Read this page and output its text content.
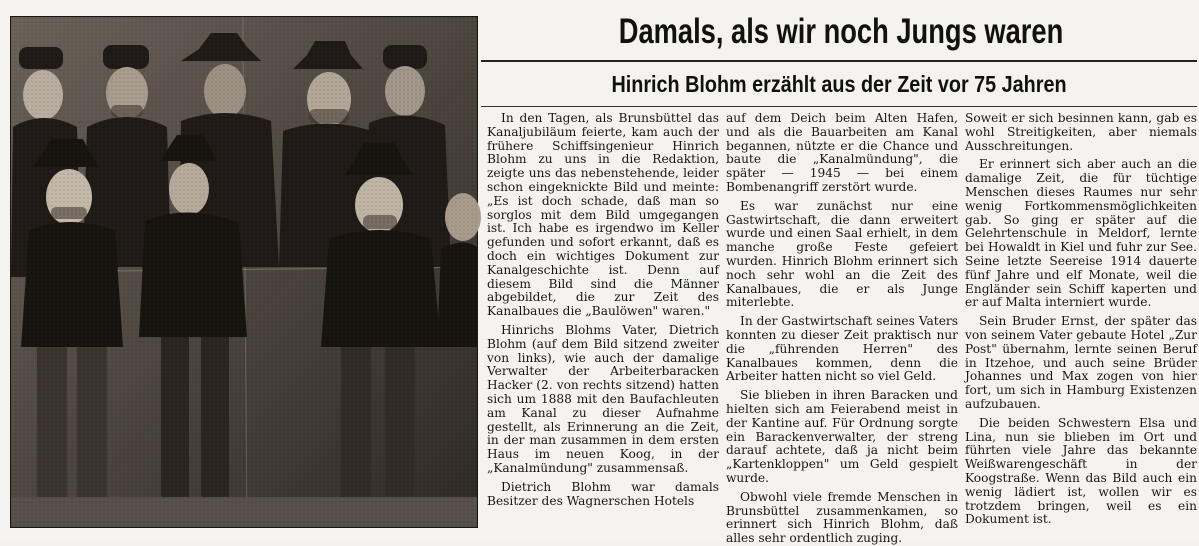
Damals, als wir noch Jungs waren
Hinrich Blohm erzählt aus der Zeit vor 75 Jahren

In den Tagen, als Brunsbüttel das Kanaljubiläum feierte, kam auch der frühere Schiffsingenieur Hinrich Blohm zu uns in die Redaktion, zeigte uns das nebenstehende, leider schon eingeknickte Bild und meinte: „Es ist doch schade, daß man so sorglos mit dem Bild umgegangen ist. Ich habe es irgendwo im Keller gefunden und sofort erkannt, daß es doch ein wichtiges Dokument zur Kanalgeschichte ist. Denn auf diesem Bild sind die Männer abgebildet, die zur Zeit des Kanalbaues die „Baulöwen" waren."

Hinrichs Blohms Vater, Dietrich Blohm (auf dem Bild sitzend zweiter von links), wie auch der damalige Verwalter der Arbeiterbaracken Hacker (2. von rechts sitzend) hatten sich um 1888 mit den Baufachleuten am Kanal zu dieser Aufnahme gestellt, als Erinnerung an die Zeit, in der man zusammen in dem ersten Haus im neuen Koog, in der „Kanalmündung" zusammensaß.

Dietrich Blohm war damals Besitzer des Wagnerschen Hotels

auf dem Deich beim Alten Hafen, und als die Bauarbeiten am Kanal begannen, nützte er die Chance und baute die „Kanalmündung", die später — 1945 — bei einem Bombenangriff zerstört wurde.

Es war zunächst nur eine Gastwirtschaft, die dann erweitert wurde und einen Saal erhielt, in dem manche große Feste gefeiert wurden. Hinrich Blohm erinnert sich noch sehr wohl an die Zeit des Kanalbaues, die er als Junge miterlebte.

In der Gastwirtschaft seines Vaters konnten zu dieser Zeit praktisch nur die „führenden Herren" des Kanalbaues kommen, denn die Arbeiter hatten nicht so viel Geld.

Sie blieben in ihren Baracken und hielten sich am Feierabend meist in der Kantine auf. Für Ordnung sorgte ein Barackenverwalter, der streng darauf achtete, daß ja nicht beim „Kartenkloppen" um Geld gespielt wurde.

Obwohl viele fremde Menschen in Brunsbüttel zusammenkamen, so erinnert sich Hinrich Blohm, daß alles sehr ordentlich zuging.

Soweit er sich besinnen kann, gab es wohl Streitigkeiten, aber niemals Ausschreitungen.

Er erinnert sich aber auch an die damalige Zeit, die für tüchtige Menschen dieses Raumes nur sehr wenig Fortkommensmöglichkeiten gab. So ging er später auf die Gelehrtenschule in Meldorf, lernte bei Howaldt in Kiel und fuhr zur See. Seine letzte Seereise 1914 dauerte fünf Jahre und elf Monate, weil die Engländer sein Schiff kaperten und er auf Malta interniert wurde.

Sein Bruder Ernst, der später das von seinem Vater gebaute Hotel „Zur Post" übernahm, lernte seinen Beruf in Itzehoe, und auch seine Brüder Johannes und Max zogen von hier fort, um sich in Hamburg Existenzen aufzubauen.

Die beiden Schwestern Elsa und Lina, nun sie blieben im Ort und führten viele Jahre das bekannte Weißwarengeschäft in der Koogstraße. Wenn das Bild auch ein wenig lädiert ist, wollen wir es trotzdem bringen, weil es ein Dokument ist.
